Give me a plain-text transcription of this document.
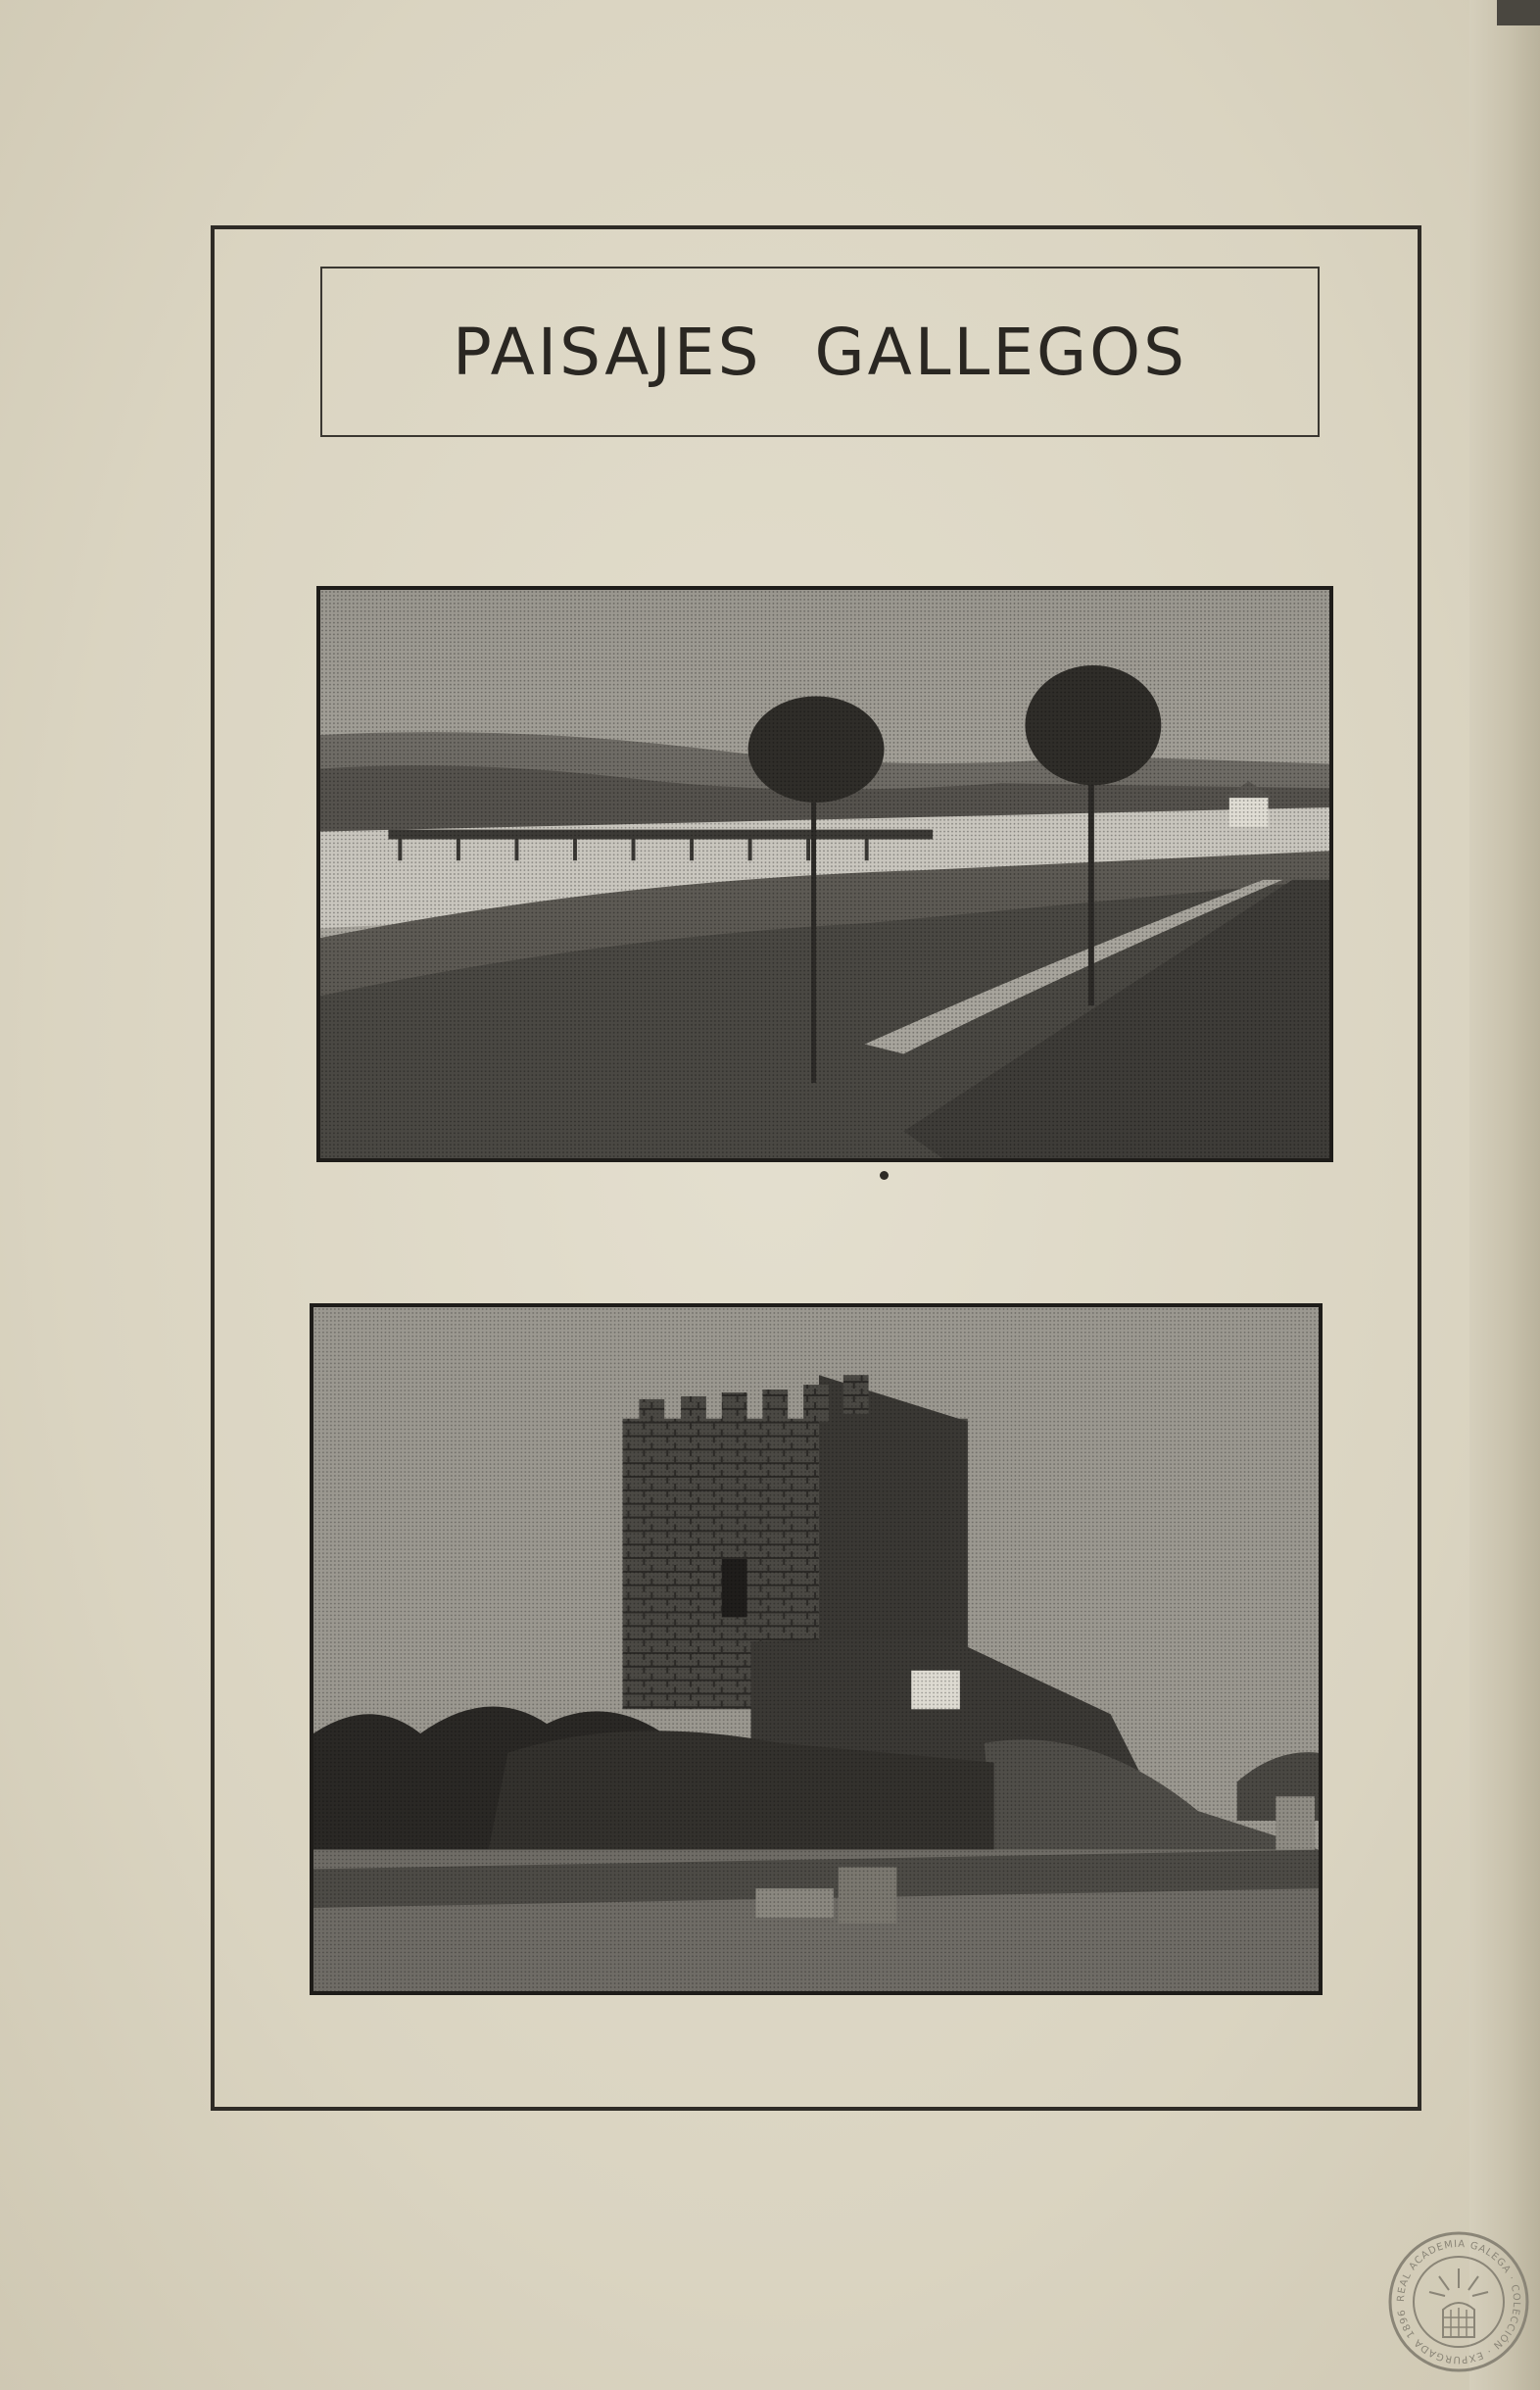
PAISAJES GALLEGOS
REAL ACADEMIA GALEGA · COLECCIÓN · EXPURGADA 1896
